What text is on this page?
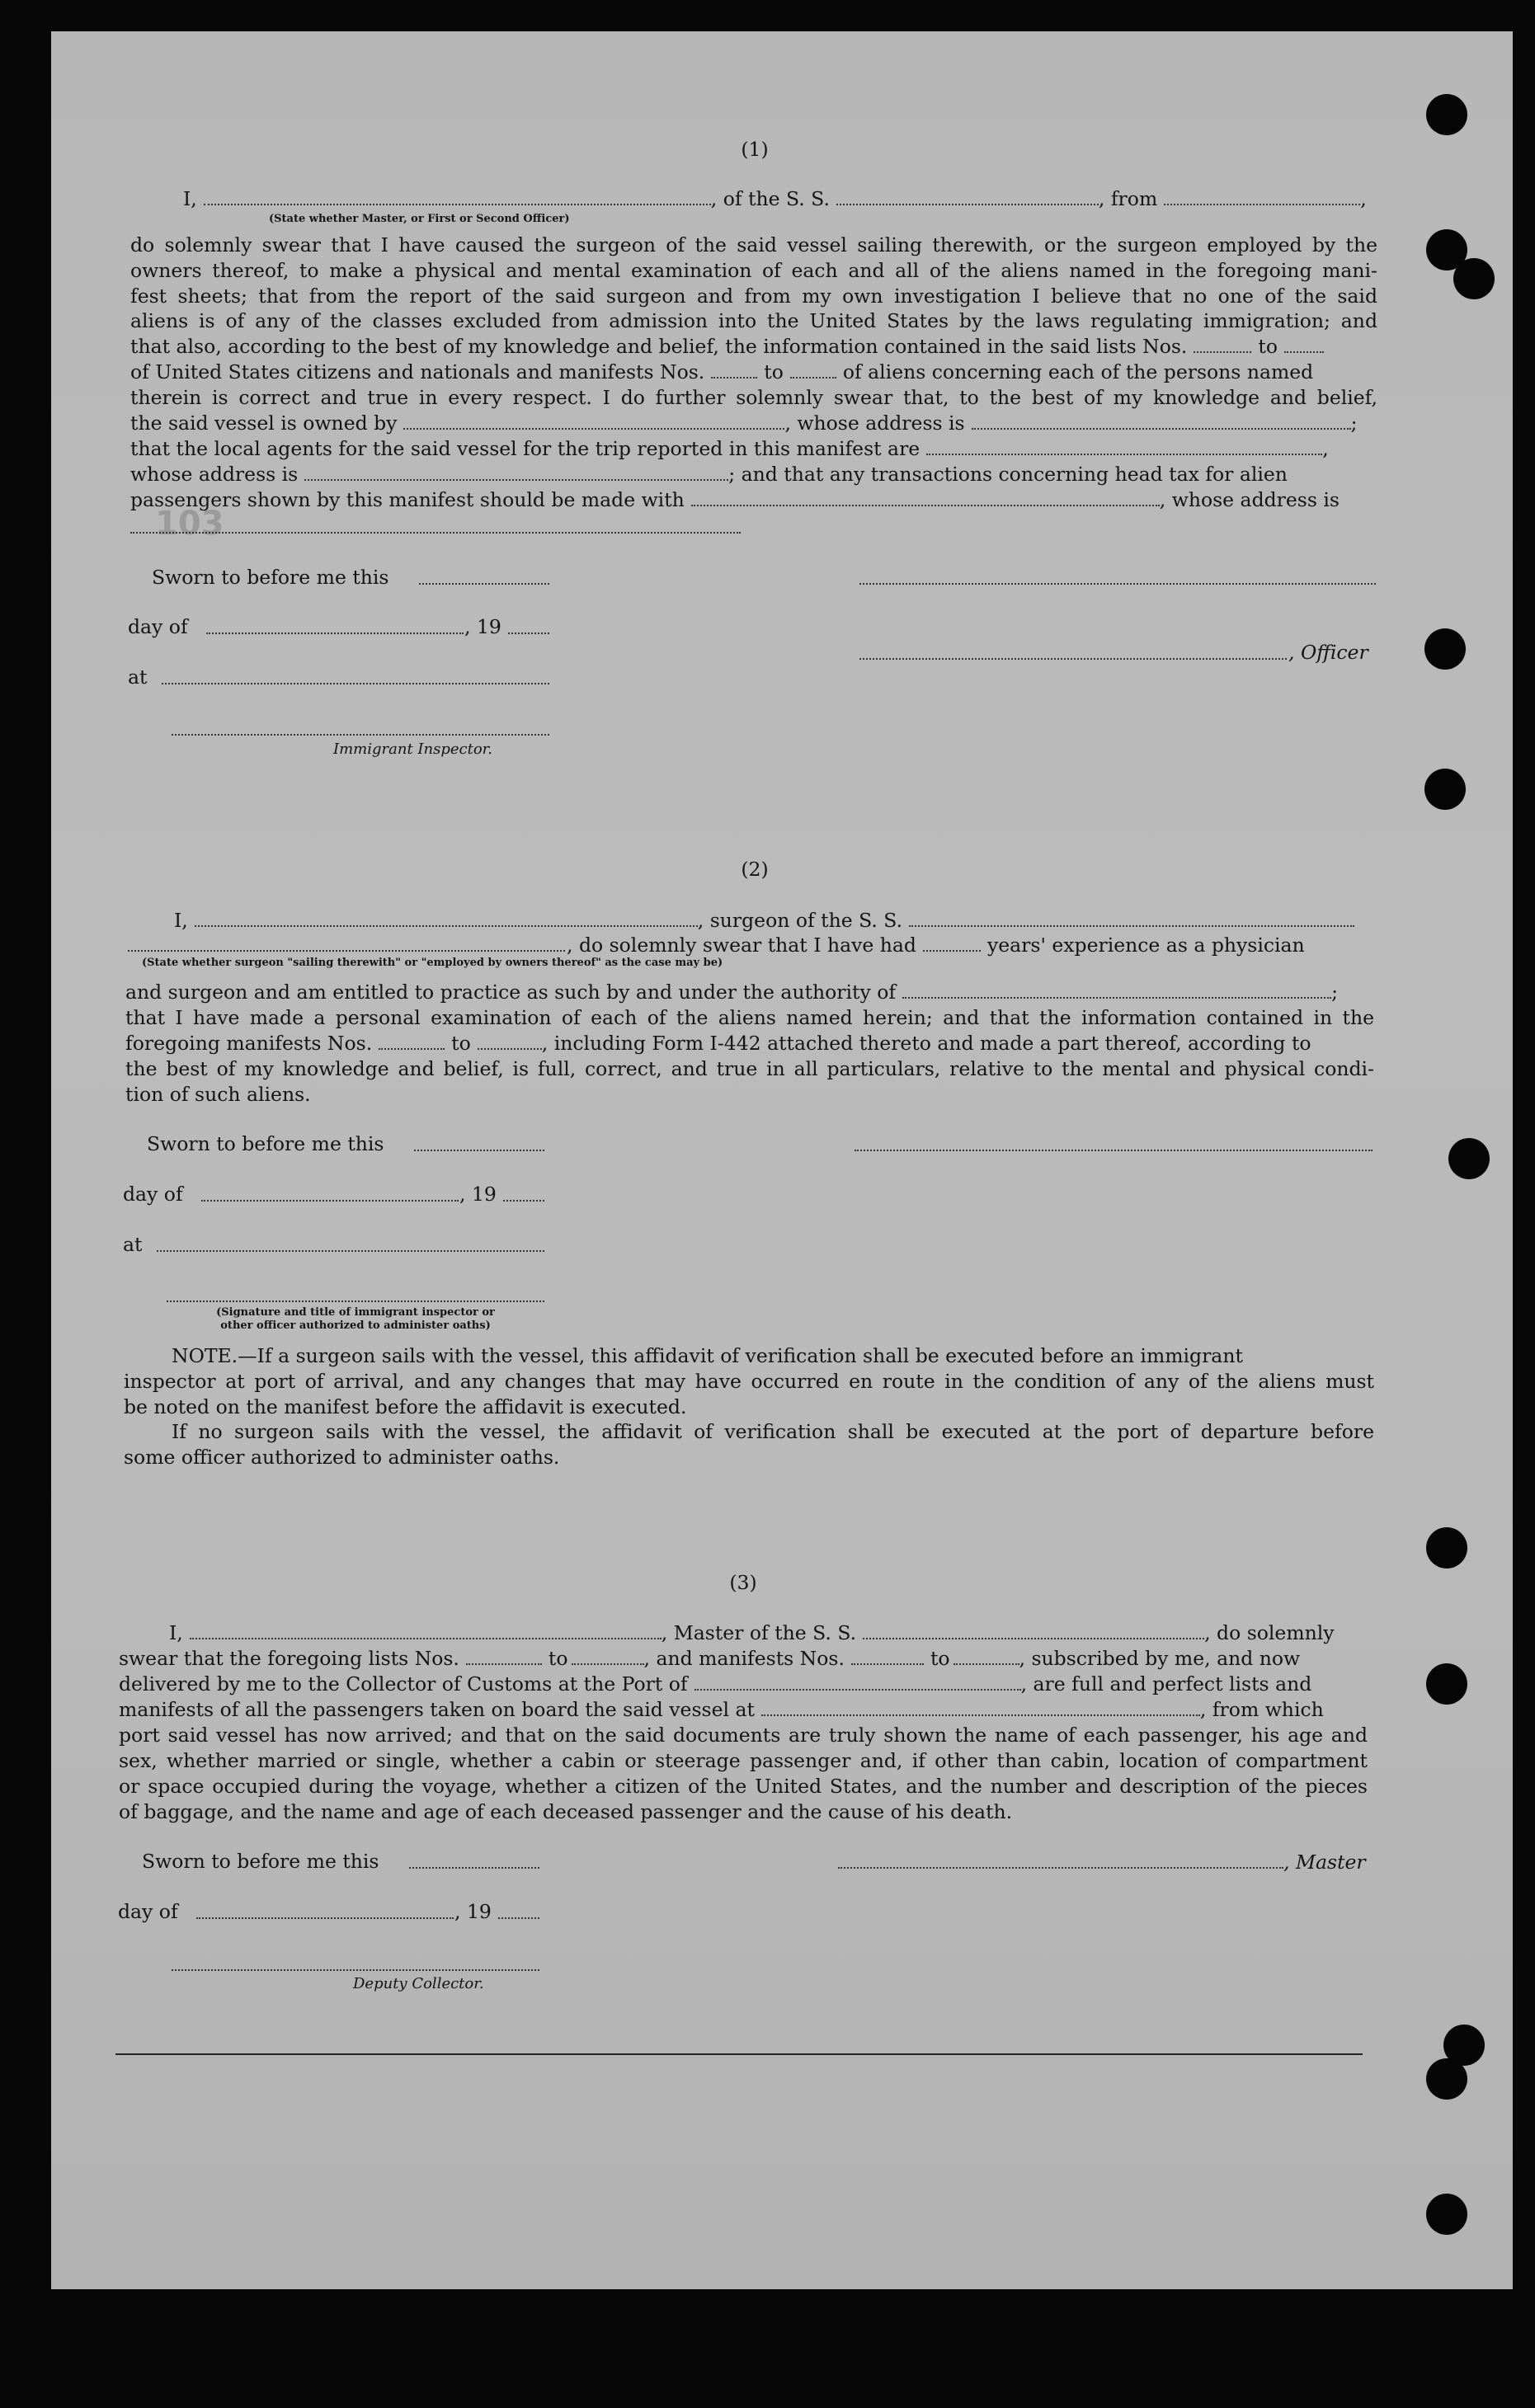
103
(1)
I,	, of the S. S.	, from	,
(State whether Master, or First or Second Officer)
do solemnly swear that I have caused the surgeon of the said vessel sailing therewith, or the surgeon employed by the
owners thereof, to make a physical and mental examination of each and all of the aliens named in the foregoing mani-
fest sheets; that from the report of the said surgeon and from my own investigation I believe that no one of the said
aliens is of any of the classes excluded from admission into the United States by the laws regulating immigration; and
that also, according to the best of my knowledge and belief, the information contained in the said lists Nos.	to
of United States citizens and nationals and manifests Nos.	to	of aliens concerning each of the persons named
therein is correct and true in every respect. I do further solemnly swear that, to the best of my knowledge and belief,
the said vessel is owned by	, whose address is	;
that the local agents for the said vessel for the trip reported in this manifest are	,
whose address is	; and that any transactions concerning head tax for alien
passengers shown by this manifest should be made with	, whose address is
Sworn to before me this
day of	, 19
, Officer
at
Immigrant Inspector.
(2)
I,	, surgeon of the S. S.
, do solemnly swear that I have had	years' experience as a physician
(State whether surgeon "sailing therewith" or "employed by owners thereof" as the case may be)
and surgeon and am entitled to practice as such by and under the authority of	;
that I have made a personal examination of each of the aliens named herein; and that the information contained in the
foregoing manifests Nos.	to	, including Form I-442 attached thereto and made a part thereof, according to
the best of my knowledge and belief, is full, correct, and true in all particulars, relative to the mental and physical condi-
tion of such aliens.
Sworn to before me this
day of	, 19
at
(Signature and title of immigrant inspector or
other officer authorized to administer oaths)
NOTE.—If a surgeon sails with the vessel, this affidavit of verification shall be executed before an immigrant
inspector at port of arrival, and any changes that may have occurred en route in the condition of any of the aliens must
be noted on the manifest before the affidavit is executed.
If no surgeon sails with the vessel, the affidavit of verification shall be executed at the port of departure before
some officer authorized to administer oaths.
(3)
I,	, Master of the S. S.	, do solemnly
swear that the foregoing lists Nos.	to	, and manifests Nos.	to	, subscribed by me, and now
delivered by me to the Collector of Customs at the Port of	, are full and perfect lists and
manifests of all the passengers taken on board the said vessel at	, from which
port said vessel has now arrived; and that on the said documents are truly shown the name of each passenger, his age and
sex, whether married or single, whether a cabin or steerage passenger and, if other than cabin, location of compartment
or space occupied during the voyage, whether a citizen of the United States, and the number and description of the pieces
of baggage, and the name and age of each deceased passenger and the cause of his death.
Sworn to before me this	, Master
day of	, 19
Deputy Collector.
